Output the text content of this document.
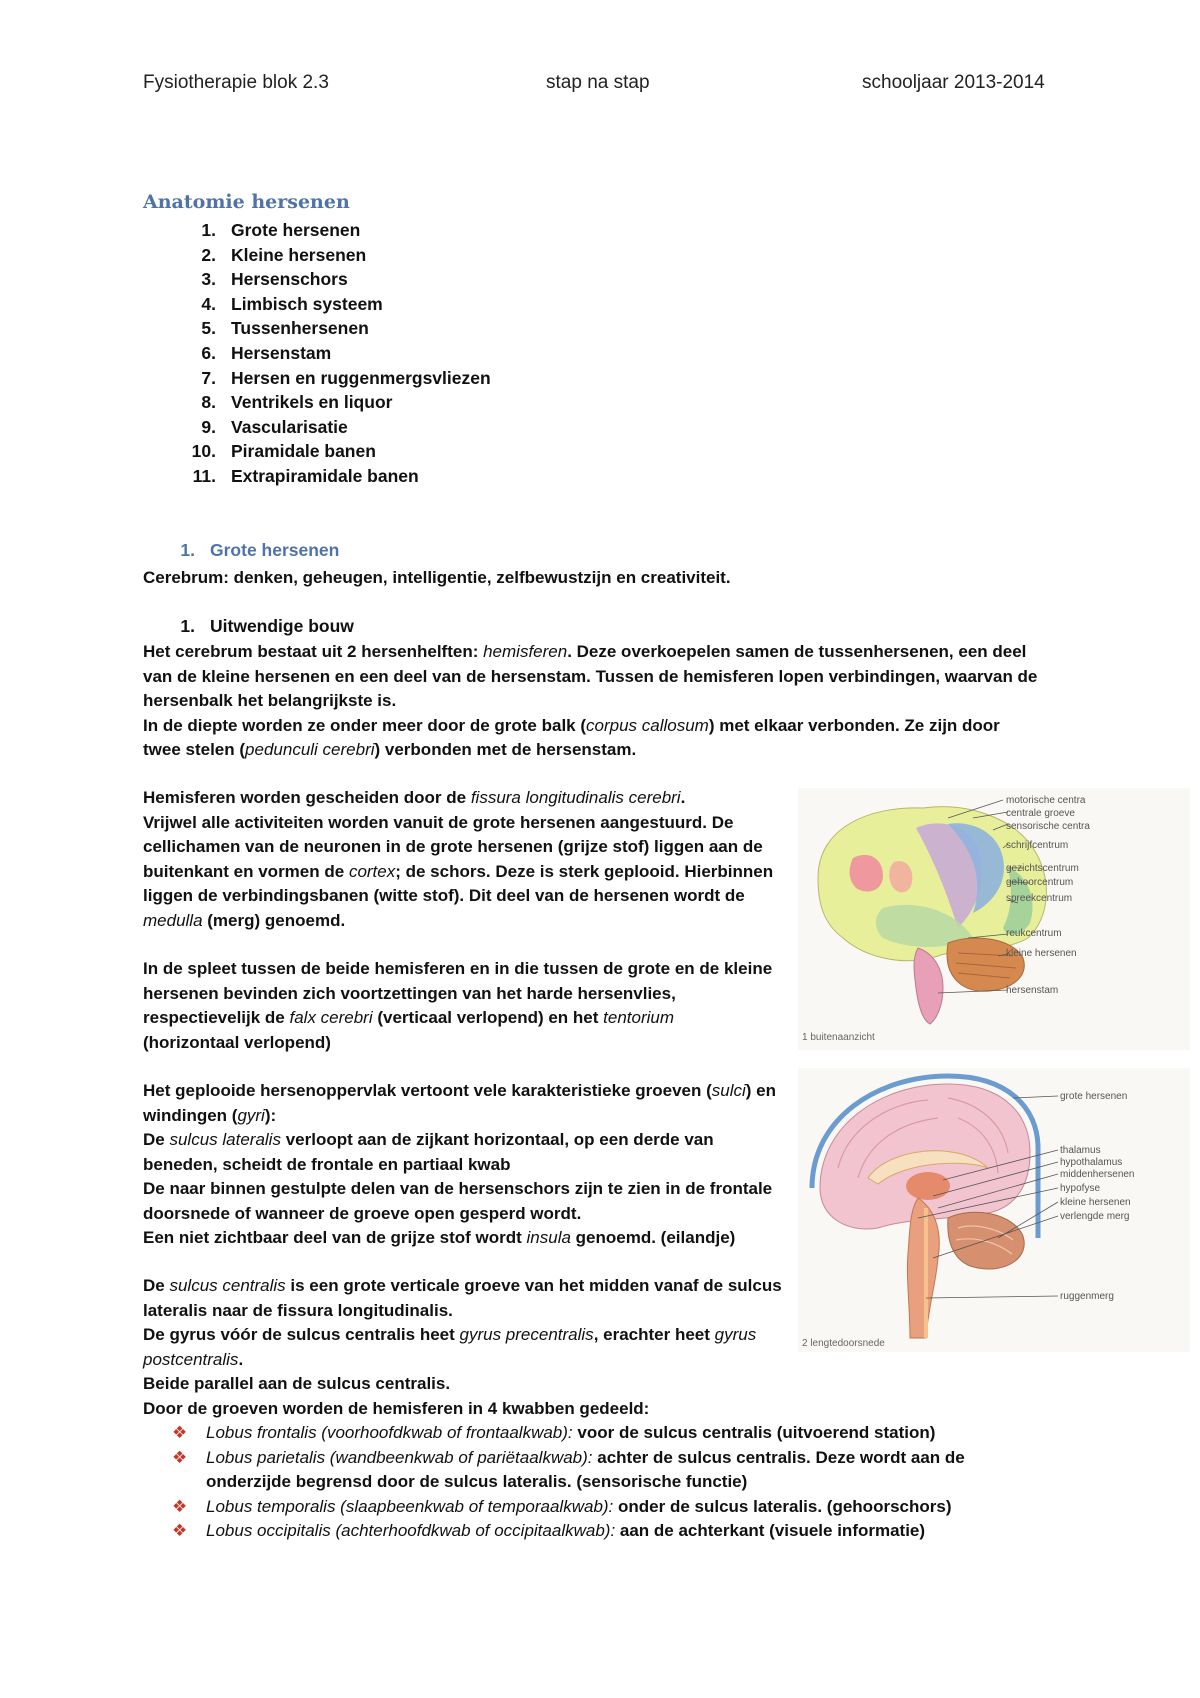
Fysiotherapie blok 2.3	stap na stap	schooljaar 2013-2014
Anatomie hersenen
1. Grote hersenen
2. Kleine hersenen
3. Hersenschors
4. Limbisch systeem
5. Tussenhersenen
6. Hersenstam
7. Hersen en ruggenmergsvliezen
8. Ventrikels en liquor
9. Vascularisatie
10. Piramidale banen
11. Extrapiramidale banen
1. Grote hersenen

Cerebrum: denken, geheugen, intelligentie, zelfbewustzijn en creativiteit.

1. Uitwendige bouw

Het cerebrum bestaat uit 2 hersenhelften: hemisferen. Deze overkoepelen samen de tussenhersenen, een deel
van de kleine hersenen en een deel van de hersenstam. Tussen de hemisferen lopen verbindingen, waarvan de
hersenbalk het belangrijkste is.
In de diepte worden ze onder meer door de grote balk (corpus callosum) met elkaar verbonden. Ze zijn door
twee stelen (pedunculi cerebri) verbonden met de hersenstam.

Hemisferen worden gescheiden door de fissura longitudinalis cerebri.
Vrijwel alle activiteiten worden vanuit de grote hersenen aangestuurd. De
cellichamen van de neuronen in de grote hersenen (grijze stof) liggen aan de
buitenkant en vormen de cortex; de schors. Deze is sterk geplooid. Hierbinnen
liggen de verbindingsbanen (witte stof). Dit deel van de hersenen wordt de
medulla (merg) genoemd.

In de spleet tussen de beide hemisferen en in die tussen de grote en de kleine
hersenen bevinden zich voortzettingen van het harde hersenvlies,
respectievelijk de falx cerebri (verticaal verlopend) en het tentorium
(horizontaal verlopend)

Het geplooide hersenoppervlak vertoont vele karakteristieke groeven (sulci) en
windingen (gyri):
De sulcus lateralis verloopt aan de zijkant horizontaal, op een derde van
beneden, scheidt de frontale en partiaal kwab
De naar binnen gestulpte delen van de hersenschors zijn te zien in de frontale
doorsnede of wanneer de groeve open gesperd wordt.
Een niet zichtbaar deel van de grijze stof wordt insula genoemd. (eilandje)

De sulcus centralis is een grote verticale groeve van het midden vanaf de sulcus
lateralis naar de fissura longitudinalis.
De gyrus vóór de sulcus centralis heet gyrus precentralis, erachter heet gyrus
postcentralis.
Beide parallel aan de sulcus centralis.
Door de groeven worden de hemisferen in 4 kwabben gedeeld:

❖ Lobus frontalis (voorhoofdkwab of frontaalkwab): voor de sulcus centralis (uitvoerend station)
❖ Lobus parietalis (wandbeenkwab of pariëtaalkwab): achter de sulcus centralis. Deze wordt aan de onderzijde begrensd door de sulcus lateralis. (sensorische functie)
❖ Lobus temporalis (slaapbeenkwab of temporaalkwab): onder de sulcus lateralis. (gehoorschors)
❖ Lobus occipitalis (achterhoofdkwab of occipitaalkwab): aan de achterkant (visuele informatie)
motorische centra
centrale groeve
sensorische centra
schrijfcentrum
gezichtscentrum
gehoorcentrum
spreekcentrum
reukcentrum
kleine hersenen
hersenstam
1 buitenaanzicht
grote hersenen
thalamus
hypothalamus
middenhersenen
hypofyse
kleine hersenen
verlengde merg
ruggenmerg
2 lengtedoorsnede
